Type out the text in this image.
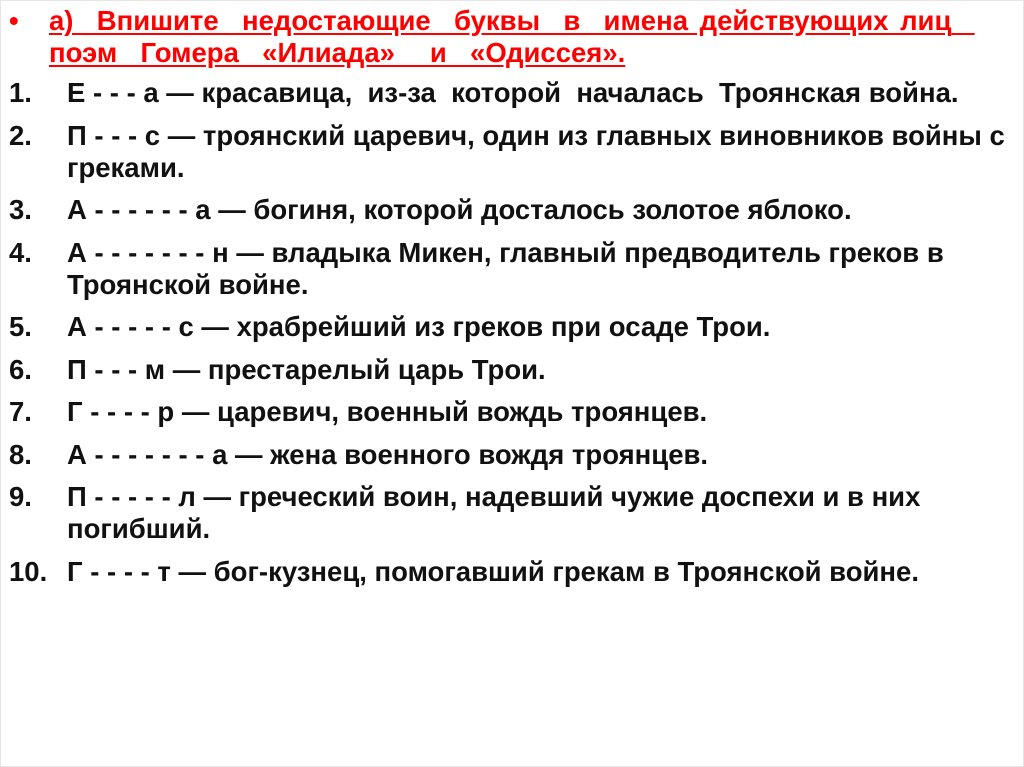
• а)  Впишите  недостающие  буквы  в  имена действующих лиц  поэм  Гомера  «Илиада»   и  «Одиссея».
1. Е - - - а — красавица,  из-за  которой  началась  Троянская война.
2. П - - - с — троянский царевич, один из главных виновников войны с греками.
3. А - - - - - - а — богиня, которой досталось золотое яблоко.
4. А - - - - - - - н — владыка Микен, главный предводитель греков в Троянской войне.
5. А - - - - - с — храбрейший из греков при осаде Трои.
6. П - - - м — престарелый царь Трои.
7. Г - - - - р — царевич, военный вождь троянцев.
8. А - - - - - - - а — жена военного вождя троянцев.
9. П - - - - - л — греческий воин, надевший чужие доспехи и в них погибший.
10. Г - - - - т — бог-кузнец, помогавший грекам в Троянской войне.
